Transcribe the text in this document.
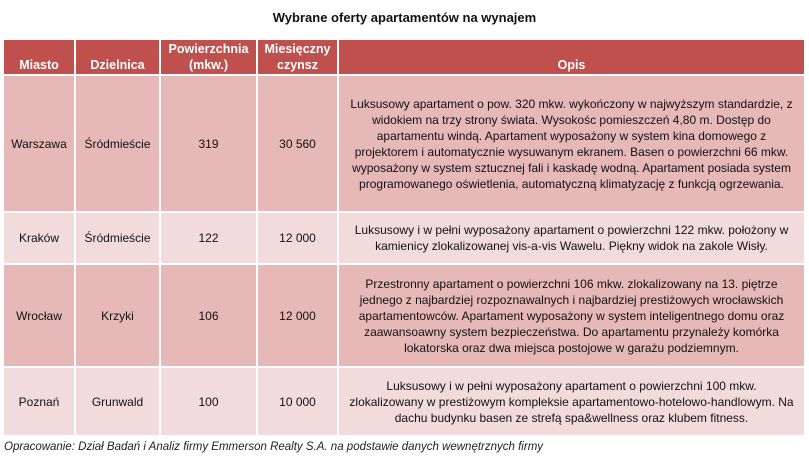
Wybrane oferty apartamentów na wynajem
Miasto	Dzielnica	Powierzchnia (mkw.)	Miesięczny czynsz	Opis
Warszawa	Śródmieście	319	30 560	Luksusowy apartament o pow. 320 mkw. wykończony w najwyższym standardzie, z widokiem na trzy strony świata. Wysokośc pomieszczeń 4,80 m. Dostęp do apartamentu windą. Apartament wyposażony w system kina domowego z projektorem i automatycznie wysuwanym ekranem. Basen o powierzchni 66 mkw. wyposażony w system sztucznej fali i kaskadę wodną. Apartament posiada system programowanego oświetlenia, automatyczną klimatyzację z funkcją ogrzewania.
Kraków	Śródmieście	122	12 000	Luksusowy i w pełni wyposażony apartament o powierzchni 122 mkw. położony w kamienicy zlokalizowanej vis-a-vis Wawelu. Piękny widok na zakole Wisły.
Wrocław	Krzyki	106	12 000	Przestronny apartament o powierzchni 106 mkw. zlokalizowany na 13. piętrze jednego z najbardziej rozpoznawalnych i najbardziej prestiżowych wrocławskich apartamentowców. Apartament wyposażony w system inteligentnego domu oraz zaawansoawny system bezpieczeństwa. Do apartamentu przynależy komórka lokatorska oraz dwa miejsca postojowe w garażu podziemnym.
Poznań	Grunwald	100	10 000	Luksusowy i w pełni wyposażony apartament o powierzchni 100 mkw. zlokalizowany w prestiżowym kompleksie apartamentowo-hotelowo-handlowym. Na dachu budynku basen ze strefą spa&wellness oraz klubem fitness.
Opracowanie: Dział Badań i Analiz firmy Emmerson Realty S.A. na podstawie danych wewnętrznych firmy
